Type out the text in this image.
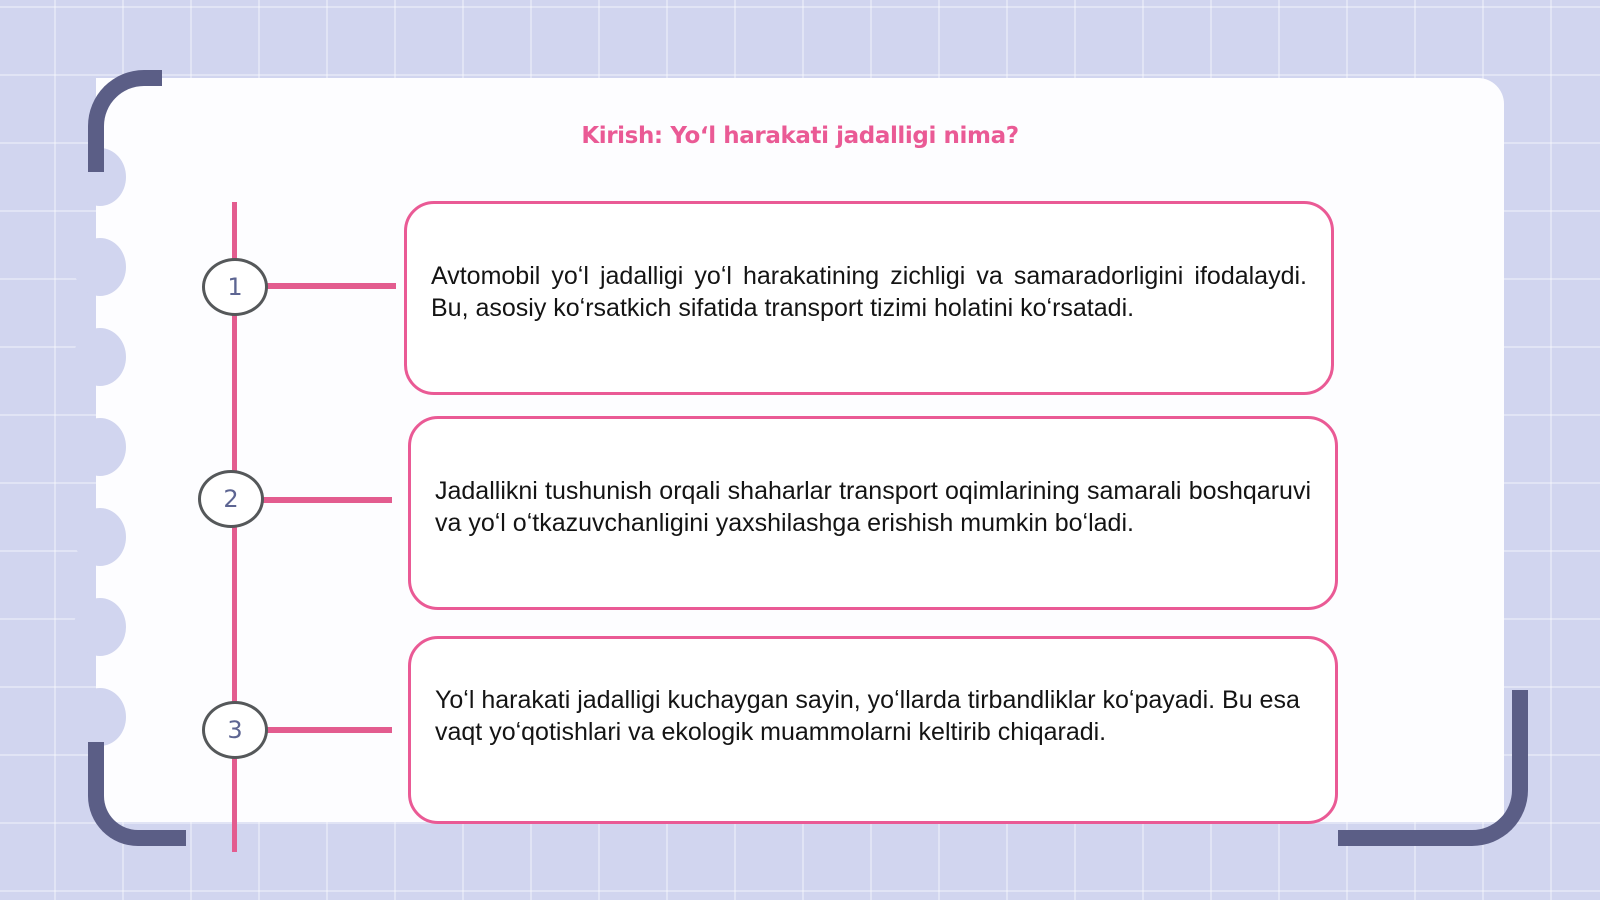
Kirish: Yoʻl harakati jadalligi nima?
1
2
3

Avtomobil yoʻl jadalligi yoʻl harakatining zichligi va samaradorligini ifodalaydi. Bu, asosiy koʻrsatkich sifatida transport tizimi holatini koʻrsatadi.

Jadallikni tushunish orqali shaharlar transport oqimlarining samarali boshqaruvi va yoʻl oʻtkazuvchanligini yaxshilashga erishish mumkin boʻladi.

Yoʻl harakati jadalligi kuchaygan sayin, yoʻllarda tirbandliklar koʻpayadi. Bu esa vaqt yoʻqotishlari va ekologik muammolarni keltirib chiqaradi.
